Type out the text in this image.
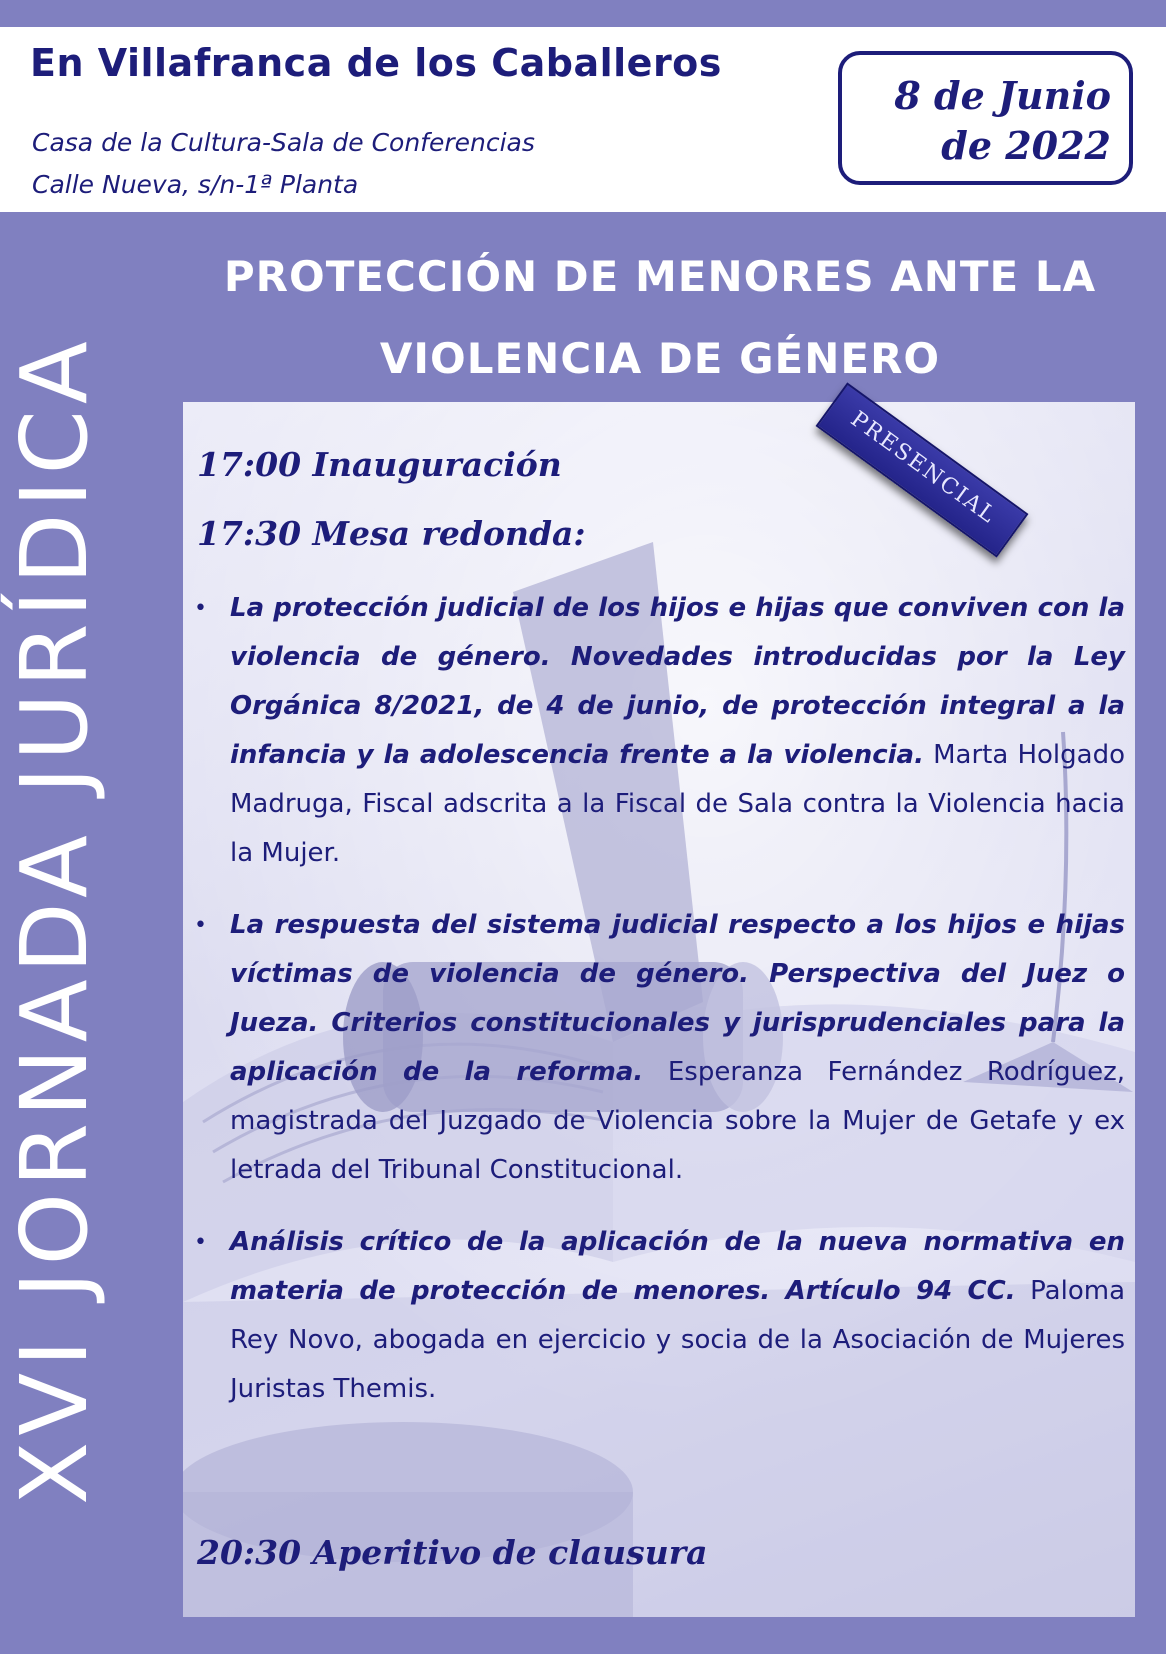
En Villafranca de los Caballeros
Casa de la Cultura-Sala de Conferencias
Calle Nueva, s/n-1ª Planta
8 de Junio
de 2022
XVI JORNADA JURÍDICA
PROTECCIÓN DE MENORES ANTE LA
VIOLENCIA DE GÉNERO
PRESENCIAL
17:00 Inauguración
17:30 Mesa redonda:
• La protección judicial de los hijos e hijas que conviven con la violencia de género. Novedades introducidas por la Ley Orgánica 8/2021, de 4 de junio, de protección integral a la infancia y la adolescencia frente a la violencia. Marta Holgado Madruga, Fiscal adscrita a la Fiscal de Sala contra la Violencia hacia la Mujer.
• La respuesta del sistema judicial respecto a los hijos e hijas víctimas de violencia de género. Perspectiva del Juez o Jueza. Criterios constitucionales y jurisprudenciales para la aplicación de la reforma. Esperanza Fernández Rodríguez, magistrada del Juzgado de Violencia sobre la Mujer de Getafe y ex letrada del Tribunal Constitucional.
• Análisis crítico de la aplicación de la nueva normativa en materia de protección de menores. Artículo 94 CC. Paloma Rey Novo, abogada en ejercicio y socia de la Asociación de Mujeres Juristas Themis.
20:30 Aperitivo de clausura
